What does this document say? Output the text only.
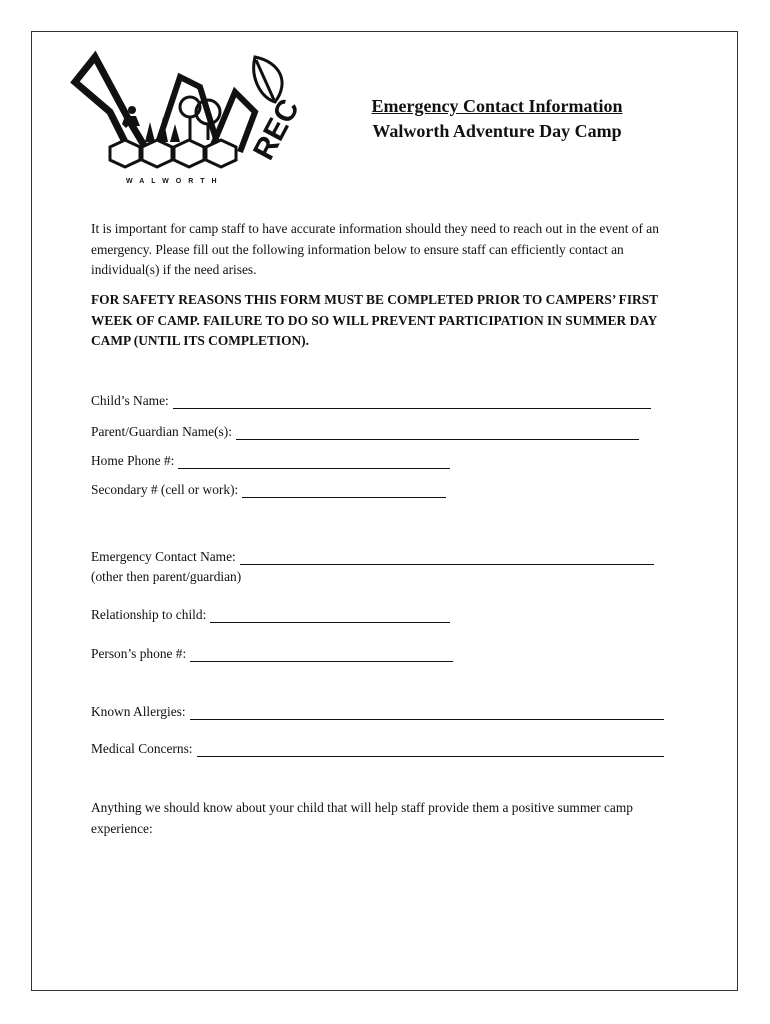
REC
WALWORTH
Emergency Contact Information
Walworth Adventure Day Camp
It is important for camp staff to have accurate information should they need to reach out in the event of an emergency. Please fill out the following information below to ensure staff can efficiently contact an individual(s) if the need arises.
FOR SAFETY REASONS THIS FORM MUST BE COMPLETED PRIOR TO CAMPERS’ FIRST WEEK OF CAMP. FAILURE TO DO SO WILL PREVENT PARTICIPATION IN SUMMER DAY CAMP (UNTIL ITS COMPLETION).
Child’s Name:
Parent/Guardian Name(s):
Home Phone #:
Secondary # (cell or work):
Emergency Contact Name:
(other then parent/guardian)
Relationship to child:
Person’s phone #:
Known Allergies:
Medical Concerns:
Anything we should know about your child that will help staff provide them a positive summer camp experience:
